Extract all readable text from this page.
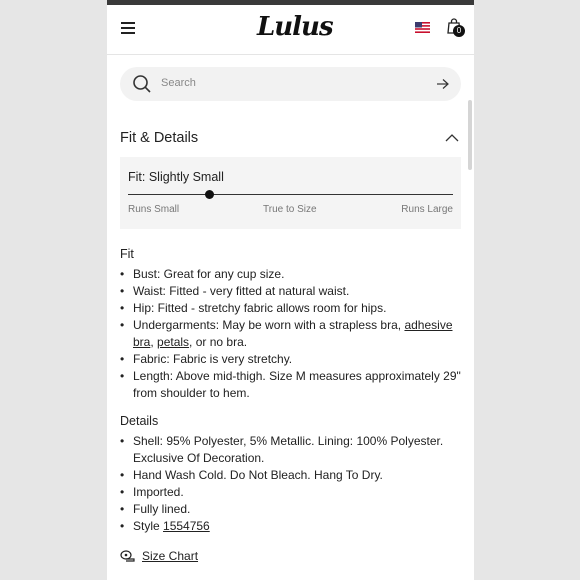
Lulus	0
Search
Fit & Details
Fit: Slightly Small
Runs Small	True to Size	Runs Large
Fit
• Bust: Great for any cup size.
• Waist: Fitted - very fitted at natural waist.
• Hip: Fitted - stretchy fabric allows room for hips.
• Undergarments: May be worn with a strapless bra, adhesive bra, petals, or no bra.
• Fabric: Fabric is very stretchy.
• Length: Above mid-thigh. Size M measures approximately 29" from shoulder to hem.
Details
• Shell: 95% Polyester, 5% Metallic. Lining: 100% Polyester. Exclusive Of Decoration.
• Hand Wash Cold. Do Not Bleach. Hang To Dry.
• Imported.
• Fully lined.
• Style 1554756
Size Chart
